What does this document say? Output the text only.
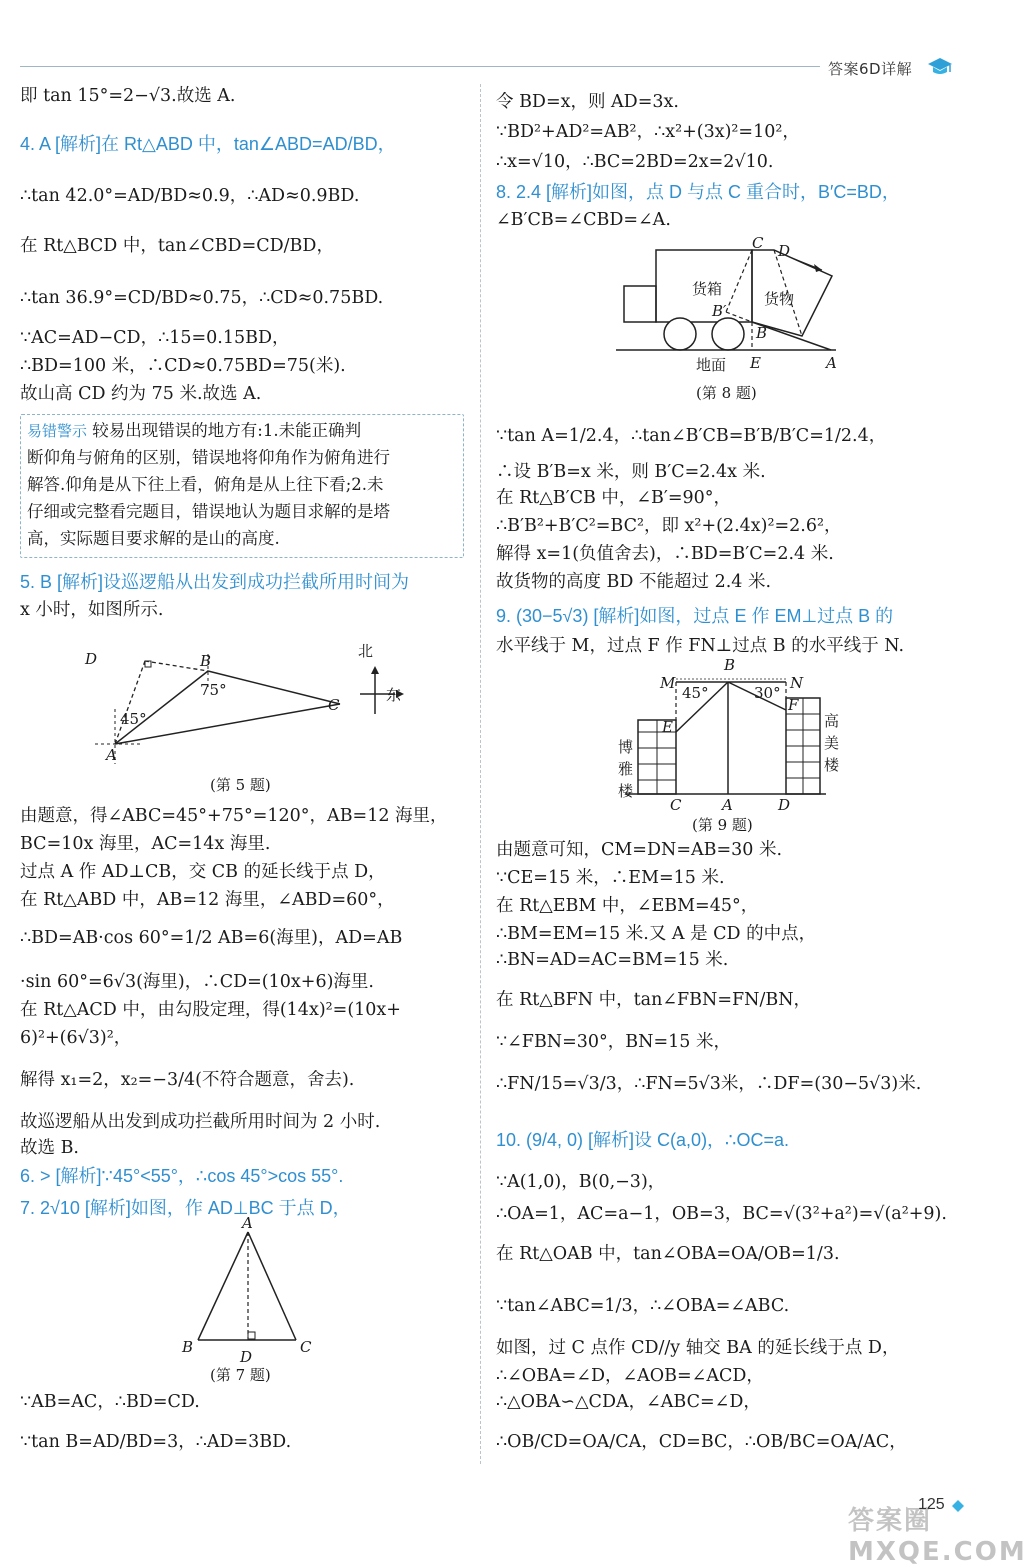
答案6D详解
即 tan 15°=2−√3.故选 A.
4. A [解析]在 Rt△ABD 中，tan∠ABD=AD/BD，
∴tan 42.0°=AD/BD≈0.9，∴AD≈0.9BD.
在 Rt△BCD 中，tan∠CBD=CD/BD，
∴tan 36.9°=CD/BD≈0.75，∴CD≈0.75BD.
∵AC=AD−CD，∴15=0.15BD，
∴BD=100 米，∴CD≈0.75BD=75(米).
故山高 CD 约为 75 米.故选 A.
易错警示 较易出现错误的地方有:1.未能正确判
断仰角与俯角的区别，错误地将仰角作为俯角进行
解答.仰角是从下往上看，俯角是从上往下看;2.未
仔细或完整看完题目，错误地认为题目求解的是塔
高，实际题目要求解的是山的高度.
5. B [解析]设巡逻船从出发到成功拦截所用时间为
x 小时，如图所示.
D	B
75°
C
45°
A
北
东
(第 5 题)
由题意，得∠ABC=45°+75°=120°，AB=12 海里，
BC=10x 海里，AC=14x 海里.
过点 A 作 AD⊥CB，交 CB 的延长线于点 D，
在 Rt△ABD 中，AB=12 海里，∠ABD=60°，
∴BD=AB·cos 60°=1/2 AB=6(海里)，AD=AB
·sin 60°=6√3(海里)，∴CD=(10x+6)海里.
在 Rt△ACD 中，由勾股定理，得(14x)²=(10x+
6)²+(6√3)²，
解得 x₁=2，x₂=−3/4(不符合题意，舍去).
故巡逻船从出发到成功拦截所用时间为 2 小时.
故选 B.
6. > [解析]∵45°<55°，∴cos 45°>cos 55°.
7. 2√10 [解析]如图，作 AD⊥BC 于点 D，
A
B
D
C
(第 7 题)
∵AB=AC，∴BD=CD.
∵tan B=AD/BD=3，∴AD=3BD.
令 BD=x，则 AD=3x.
∵BD²+AD²=AB²，∴x²+(3x)²=10²，
∴x=√10，∴BC=2BD=2x=2√10.
8. 2.4 [解析]如图，点 D 与点 C 重合时，B′C=BD，
∠B′CB=∠CBD=∠A.
C D
货箱
货物
B′
B
地面 E	A
(第 8 题)
∵tan A=1/2.4，∴tan∠B′CB=B′B/B′C=1/2.4，
∴设 B′B=x 米，则 B′C=2.4x 米.
在 Rt△B′CB 中，∠B′=90°，
∴B′B²+B′C²=BC²，即 x²+(2.4x)²=2.6²，
解得 x=1(负值舍去)，∴BD=B′C=2.4 米.
故货物的高度 BD 不能超过 2.4 米.
9. (30−5√3) [解析]如图，过点 E 作 EM⊥过点 B 的
水平线于 M，过点 F 作 FN⊥过点 B 的水平线于 N.
B
M
45°	30°
N
E
F
博
雅
楼
高
美
楼
C	A	D
(第 9 题)
由题意可知，CM=DN=AB=30 米.
∵CE=15 米，∴EM=15 米.
在 Rt△EBM 中，∠EBM=45°，
∴BM=EM=15 米.又 A 是 CD 的中点，
∴BN=AD=AC=BM=15 米.
在 Rt△BFN 中，tan∠FBN=FN/BN，
∵∠FBN=30°，BN=15 米，
∴FN/15=√3/3，∴FN=5√3米，∴DF=(30−5√3)米.
10. (9/4, 0) [解析]设 C(a,0)，∴OC=a.
∵A(1,0)，B(0,−3)，
∴OA=1，AC=a−1，OB=3，BC=√(3²+a²)=√(a²+9).
在 Rt△OAB 中，tan∠OBA=OA/OB=1/3.
∵tan∠ABC=1/3，∴∠OBA=∠ABC.
如图，过 C 点作 CD//y 轴交 BA 的延长线于点 D，
∴∠OBA=∠D，∠AOB=∠ACD，
∴△OBA∽△CDA，∠ABC=∠D，
∴OB/CD=OA/CA，CD=BC，∴OB/BC=OA/AC，
答案圈 MXQE.COM
125
